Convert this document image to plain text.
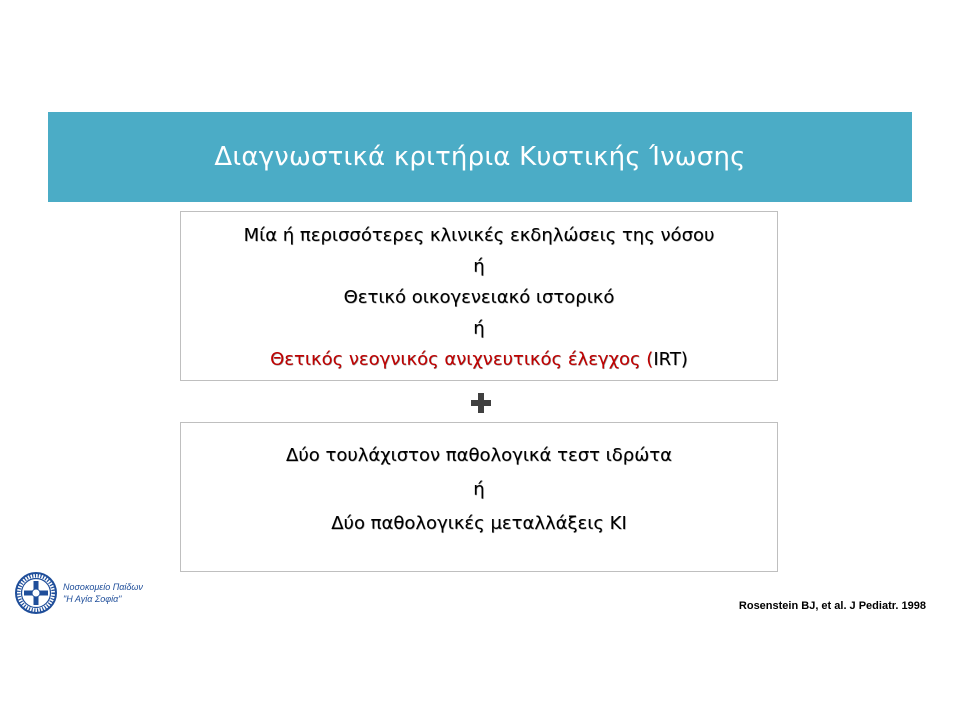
Διαγνωστικά κριτήρια Κυστικής Ίνωσης
Μία ή περισσότερες κλινικές εκδηλώσεις της νόσου
ή
Θετικό οικογενειακό ιστορικό
ή
Θετικός νεογνικός ανιχνευτικός έλεγχος (IRT)
Δύο τουλάχιστον παθολογικά τεστ ιδρώτα
ή
Δύο παθολογικές μεταλλάξεις ΚΙ
Νοσοκομείο Παίδων
"Η Αγία Σοφία"
Rosenstein BJ, et al. J Pediatr. 1998
